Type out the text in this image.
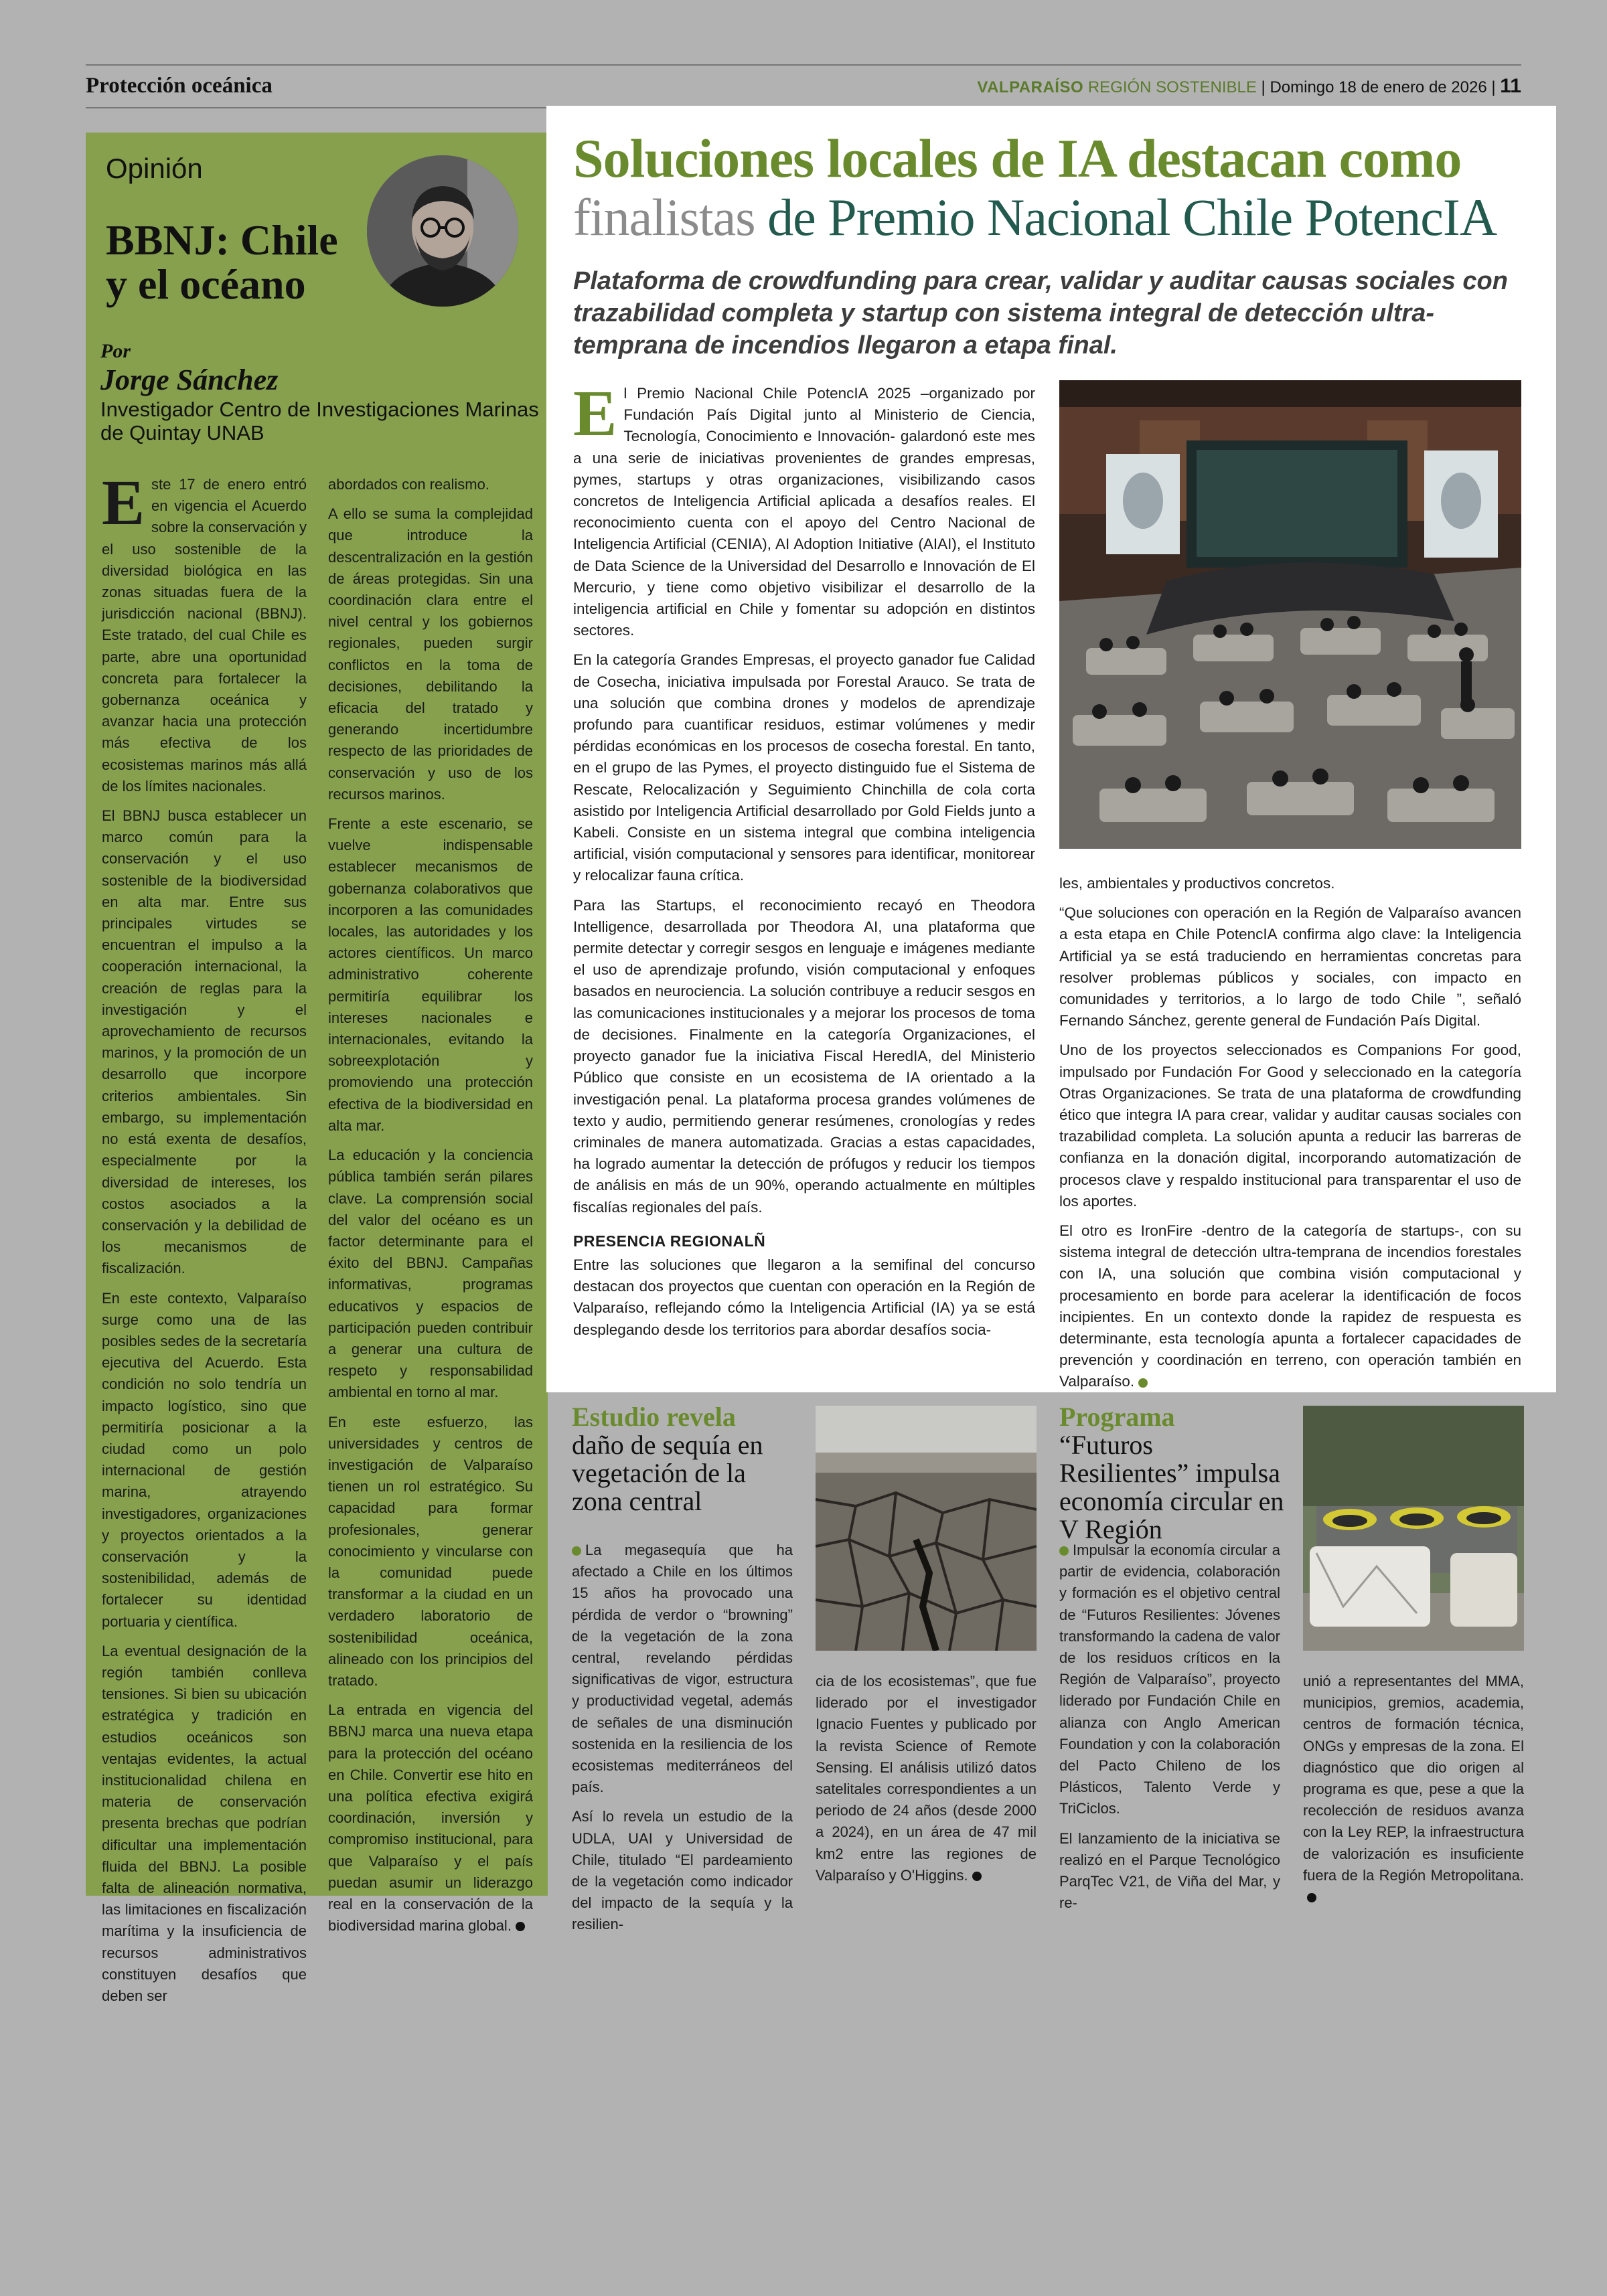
Protección oceánica	VALPARAÍSO REGIÓN SOSTENIBLE | Domingo 18 de enero de 2026 | 11
Opinión
BBNJ: Chile y el océano
Por
Jorge Sánchez
Investigador Centro de Investigaciones Marinas de Quintay UNAB

Este 17 de enero entró en vigencia el Acuerdo sobre la conservación y el uso sostenible de la diversidad biológica en las zonas situadas fuera de la jurisdicción nacional (BBNJ). Este tratado, del cual Chile es parte, abre una oportunidad concreta para fortalecer la gobernanza oceánica y avanzar hacia una protección más efectiva de los ecosistemas marinos más allá de los límites nacionales.

El BBNJ busca establecer un marco común para la conservación y el uso sostenible de la biodiversidad en alta mar. Entre sus principales virtudes se encuentran el impulso a la cooperación internacional, la creación de reglas para la investigación y el aprovechamiento de recursos marinos, y la promoción de un desarrollo que incorpore criterios ambientales. Sin embargo, su implementación no está exenta de desafíos, especialmente por la diversidad de intereses, los costos asociados a la conservación y la debilidad de los mecanismos de fiscalización.

En este contexto, Valparaíso surge como una de las posibles sedes de la secretaría ejecutiva del Acuerdo. Esta condición no solo tendría un impacto logístico, sino que permitiría posicionar a la ciudad como un polo internacional de gestión marina, atrayendo investigadores, organizaciones y proyectos orientados a la conservación y la sostenibilidad, además de fortalecer su identidad portuaria y científica.

La eventual designación de la región también conlleva tensiones. Si bien su ubicación estratégica y tradición en estudios oceánicos son ventajas evidentes, la actual institucionalidad chilena en materia de conservación presenta brechas que podrían dificultar una implementación fluida del BBNJ. La posible falta de alineación normativa, las limitaciones en fiscalización marítima y la insuficiencia de recursos administrativos constituyen desafíos que deben ser

abordados con realismo.

A ello se suma la complejidad que introduce la descentralización en la gestión de áreas protegidas. Sin una coordinación clara entre el nivel central y los gobiernos regionales, pueden surgir conflictos en la toma de decisiones, debilitando la eficacia del tratado y generando incertidumbre respecto de las prioridades de conservación y uso de los recursos marinos.

Frente a este escenario, se vuelve indispensable establecer mecanismos de gobernanza colaborativos que incorporen a las comunidades locales, las autoridades y los actores científicos. Un marco administrativo coherente permitiría equilibrar los intereses nacionales e internacionales, evitando la sobreexplotación y promoviendo una protección efectiva de la biodiversidad en alta mar.

La educación y la conciencia pública también serán pilares clave. La comprensión social del valor del océano es un factor determinante para el éxito del BBNJ. Campañas informativas, programas educativos y espacios de participación pueden contribuir a generar una cultura de respeto y responsabilidad ambiental en torno al mar.

En este esfuerzo, las universidades y centros de investigación de Valparaíso tienen un rol estratégico. Su capacidad para formar profesionales, generar conocimiento y vincularse con la comunidad puede transformar a la ciudad en un verdadero laboratorio de sostenibilidad oceánica, alineado con los principios del tratado.

La entrada en vigencia del BBNJ marca una nueva etapa para la protección del océano en Chile. Convertir ese hito en una política efectiva exigirá coordinación, inversión y compromiso institucional, para que Valparaíso y el país puedan asumir un liderazgo real en la conservación de la biodiversidad marina global.

Soluciones locales de IA destacan como
finalistas de Premio Nacional Chile PotencIA
Plataforma de crowdfunding para crear, validar y auditar causas sociales con trazabilidad completa y startup con sistema integral de detección ultra-temprana de incendios llegaron a etapa final.

El Premio Nacional Chile PotencIA 2025 –organizado por Fundación País Digital junto al Ministerio de Ciencia, Tecnología, Conocimiento e Innovación- galardonó este mes a una serie de iniciativas provenientes de grandes empresas, pymes, startups y otras organizaciones, visibilizando casos concretos de Inteligencia Artificial aplicada a desafíos reales. El reconocimiento cuenta con el apoyo del Centro Nacional de Inteligencia Artificial (CENIA), AI Adoption Initiative (AIAI), el Instituto de Data Science de la Universidad del Desarrollo e Innovación de El Mercurio, y tiene como objetivo visibilizar el desarrollo de la inteligencia artificial en Chile y fomentar su adopción en distintos sectores.

En la categoría Grandes Empresas, el proyecto ganador fue Calidad de Cosecha, iniciativa impulsada por Forestal Arauco. Se trata de una solución que combina drones y modelos de aprendizaje profundo para cuantificar residuos, estimar volúmenes y medir pérdidas económicas en los procesos de cosecha forestal. En tanto, en el grupo de las Pymes, el proyecto distinguido fue el Sistema de Rescate, Relocalización y Seguimiento Chinchilla de cola corta asistido por Inteligencia Artificial desarrollado por Gold Fields junto a Kabeli. Consiste en un sistema integral que combina inteligencia artificial, visión computacional y sensores para identificar, monitorear y relocalizar fauna crítica.

Para las Startups, el reconocimiento recayó en Theodora Intelligence, desarrollada por Theodora AI, una plataforma que permite detectar y corregir sesgos en lenguaje e imágenes mediante el uso de aprendizaje profundo, visión computacional y enfoques basados en neurociencia. La solución contribuye a reducir sesgos en las comunicaciones institucionales y a mejorar los procesos de toma de decisiones. Finalmente en la categoría Organizaciones, el proyecto ganador fue la iniciativa Fiscal HeredIA, del Ministerio Público que consiste en un ecosistema de IA orientado a la investigación penal. La plataforma procesa grandes volúmenes de texto y audio, permitiendo generar resúmenes, cronologías y redes criminales de manera automatizada. Gracias a estas capacidades, ha logrado aumentar la detección de prófugos y reducir los tiempos de análisis en más de un 90%, operando actualmente en múltiples fiscalías regionales del país.

PRESENCIA REGIONALÑ

Entre las soluciones que llegaron a la semifinal del concurso destacan dos proyectos que cuentan con operación en la Región de Valparaíso, reflejando cómo la Inteligencia Artificial (IA) ya se está desplegando desde los territorios para abordar desafíos socia-

les, ambientales y productivos concretos.

“Que soluciones con operación en la Región de Valparaíso avancen a esta etapa en Chile PotencIA confirma algo clave: la Inteligencia Artificial ya se está traduciendo en herramientas concretas para resolver problemas públicos y sociales, con impacto en comunidades y territorios, a lo largo de todo Chile ”, señaló Fernando Sánchez, gerente general de Fundación País Digital.

Uno de los proyectos seleccionados es Companions For good, impulsado por Fundación For Good y seleccionado en la categoría Otras Organizaciones. Se trata de una plataforma de crowdfunding ético que integra IA para crear, validar y auditar causas sociales con trazabilidad completa. La solución apunta a reducir las barreras de confianza en la donación digital, incorporando automatización de procesos clave y respaldo institucional para transparentar el uso de los aportes.

El otro es IronFire -dentro de la categoría de startups-, con su sistema integral de detección ultra-temprana de incendios forestales con IA, una solución que combina visión computacional y procesamiento en borde para acelerar la identificación de focos incipientes. En un contexto donde la rapidez de respuesta es determinante, esta tecnología apunta a fortalecer capacidades de prevención y coordinación en terreno, con operación también en Valparaíso.

Estudio revela
daño de sequía en vegetación de la zona central

La megasequía que ha afectado a Chile en los últimos 15 años ha provocado una pérdida de verdor o “browning” de la vegetación de la zona central, revelando pérdidas significativas de vigor, estructura y productividad vegetal, además de señales de una disminución sostenida en la resiliencia de los ecosistemas mediterráneos del país.

Así lo revela un estudio de la UDLA, UAI y Universidad de Chile, titulado “El pardeamiento de la vegetación como indicador del impacto de la sequía y la resilien-

cia de los ecosistemas”, que fue liderado por el investigador Ignacio Fuentes y publicado por la revista Science of Remote Sensing. El análisis utilizó datos satelitales correspondientes a un periodo de 24 años (desde 2000 a 2024), en un área de 47 mil km2 entre las regiones de Valparaíso y O'Higgins.

Programa
“Futuros Resilientes” impulsa economía circular en V Región

Impulsar la economía circular a partir de evidencia, colaboración y formación es el objetivo central de “Futuros Resilientes: Jóvenes transformando la cadena de valor de los residuos críticos en la Región de Valparaíso”, proyecto liderado por Fundación Chile en alianza con Anglo American Foundation y con la colaboración del Pacto Chileno de los Plásticos, Talento Verde y TriCiclos.

El lanzamiento de la iniciativa se realizó en el Parque Tecnológico ParqTec V21, de Viña del Mar, y re-

unió a representantes del MMA, municipios, gremios, academia, centros de formación técnica, ONGs y empresas de la zona. El diagnóstico que dio origen al programa es que, pese a que la recolección de residuos avanza con la Ley REP, la infraestructura de valorización es insuficiente fuera de la Región Metropolitana.
